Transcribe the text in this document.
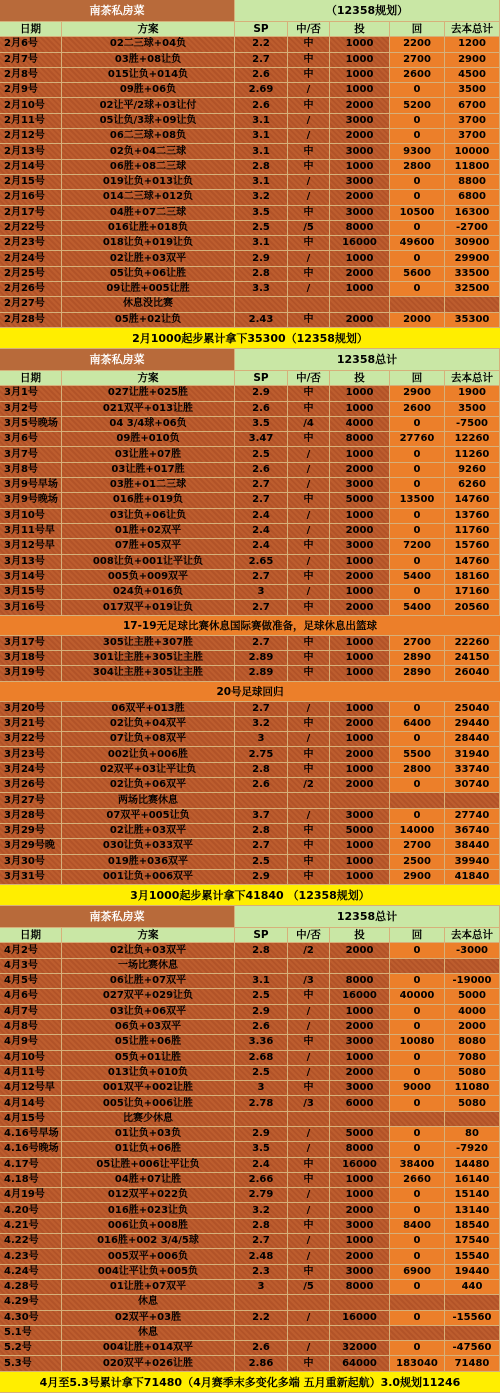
南茶私房菜	（12358规划）
日期	方案	SP	中/否	投	回	去本总计
2月6号	02二三球+04负	2.2	中	1000	2200	1200
2月7号	03胜+08让负	2.7	中	1000	2700	2900
2月8号	015让负+014负	2.6	中	1000	2600	4500
2月9号	09胜+06负	2.69	/	1000	0	3500
2月10号	02让平/2球+03让付	2.6	中	2000	5200	6700
2月11号	05让负/3球+09让负	3.1	/	3000	0	3700
2月12号	06二三球+08负	3.1	/	2000	0	3700
2月13号	02负+04二三球	3.1	中	3000	9300	10000
2月14号	06胜+08二三球	2.8	中	1000	2800	11800
2月15号	019让负+013让负	3.1	/	3000	0	8800
2月16号	014二三球+012负	3.2	/	2000	0	6800
2月17号	04胜+07二三球	3.5	中	3000	10500	16300
2月22号	016让胜+018负	2.5	/5	8000	0	-2700
2月23号	018让负+019让负	3.1	中	16000	49600	30900
2月24号	02让胜+03双平	2.9	/	1000	0	29900
2月25号	05让负+06让胜	2.8	中	2000	5600	33500
2月26号	09让胜+005让胜	3.3	/	1000	0	32500
2月27号	休息没比赛
2月28号	05胜+02让负	2.43	中	2000	2000	35300
2月1000起步累计拿下35300（12358规划）
南茶私房菜	12358总计
日期	方案	SP	中/否	投	回	去本总计
3月1号	027让胜+025胜	2.9	中	1000	2900	1900
3月2号	021双平+013让胜	2.6	中	1000	2600	3500
3月5号晚场	04 3/4球+06负	3.5	/4	4000	0	-7500
3月6号	09胜+010负	3.47	中	8000	27760	12260
3月7号	03让胜+07胜	2.5	/	1000	0	11260
3月8号	03让胜+017胜	2.6	/	2000	0	9260
3月9号早场	03胜+01二三球	2.7	/	3000	0	6260
3月9号晚场	016胜+019负	2.7	中	5000	13500	14760
3月10号	03让负+06让负	2.4	/	1000	0	13760
3月11号早	01胜+02双平	2.4	/	2000	0	11760
3月12号早	07胜+05双平	2.4	中	3000	7200	15760
3月13号	008让负+001让平让负	2.65	/	1000	0	14760
3月14号	005负+009双平	2.7	中	2000	5400	18160
3月15号	024负+016负	3	/	1000	0	17160
3月16号	017双平+019让负	2.7	中	2000	5400	20560
17-19无足球比赛休息国际赛做准备，足球休息出篮球
3月17号	305让主胜+307胜	2.7	中	1000	2700	22260
3月18号	301让主胜+305让主胜	2.89	中	1000	2890	24150
3月19号	304让主胜+305让主胜	2.89	中	1000	2890	26040
20号足球回归
3月20号	06双平+013胜	2.7	/	1000	0	25040
3月21号	02让负+04双平	3.2	中	2000	6400	29440
3月22号	07让负+08双平	3	/	1000	0	28440
3月23号	002让负+006胜	2.75	中	2000	5500	31940
3月24号	02双平+03让平让负	2.8	中	1000	2800	33740
3月26号	02让负+06双平	2.6	/2	2000	0	30740
3月27号	两场比赛休息
3月28号	07双平+005让负	3.7	/	3000	0	27740
3月29号	02让胜+03双平	2.8	中	5000	14000	36740
3月29号晚	030让负+033双平	2.7	中	1000	2700	38440
3月30号	019胜+036双平	2.5	中	1000	2500	39940
3月31号	001让负+006双平	2.9	中	1000	2900	41840
3月1000起步累计拿下41840 （12358规划）
南茶私房菜	12358总计
日期	方案	SP	中/否	投	回	去本总计
4月2号	02让负+03双平	2.8	/2	2000	0	-3000
4月3号	一场比赛休息
4月5号	06让胜+07双平	3.1	/3	8000	0	-19000
4月6号	027双平+029让负	2.5	中	16000	40000	5000
4月7号	03让负+06双平	2.9	/	1000	0	4000
4月8号	06负+03双平	2.6	/	2000	0	2000
4月9号	05让胜+06胜	3.36	中	3000	10080	8080
4月10号	05负+01让胜	2.68	/	1000	0	7080
4月11号	013让负+010负	2.5	/	2000	0	5080
4月12号早	001双平+002让胜	3	中	3000	9000	11080
4月14号	005让负+006让胜	2.78	/3	6000	0	5080
4月15号	比赛少休息
4.16号早场	01让负+03负	2.9	/	5000	0	80
4.16号晚场	01让负+06胜	3.5	/	8000	0	-7920
4.17号	05让胜+006让平让负	2.4	中	16000	38400	14480
4.18号	04胜+07让胜	2.66	中	1000	2660	16140
4月19号	012双平+022负	2.79	/	1000	0	15140
4.20号	016胜+023让负	3.2	/	2000	0	13140
4.21号	006让负+008胜	2.8	中	3000	8400	18540
4.22号	016胜+002 3/4/5球	2.7	/	1000	0	17540
4.23号	005双平+006负	2.48	/	2000	0	15540
4.24号	004让平让负+005负	2.3	中	3000	6900	19440
4.28号	01让胜+07双平	3	/5	8000	0	440
4.29号	休息
4.30号	02双平+03胜	2.2	/	16000	0	-15560
5.1号	休息
5.2号	004让胜+014双平	2.6	/	32000	0	-47560
5.3号	020双平+026让胜	2.86	中	64000	183040	71480
4月至5.3号累计拿下71480（4月赛季末多变化多端 五月重新起航）3.0规划11246
